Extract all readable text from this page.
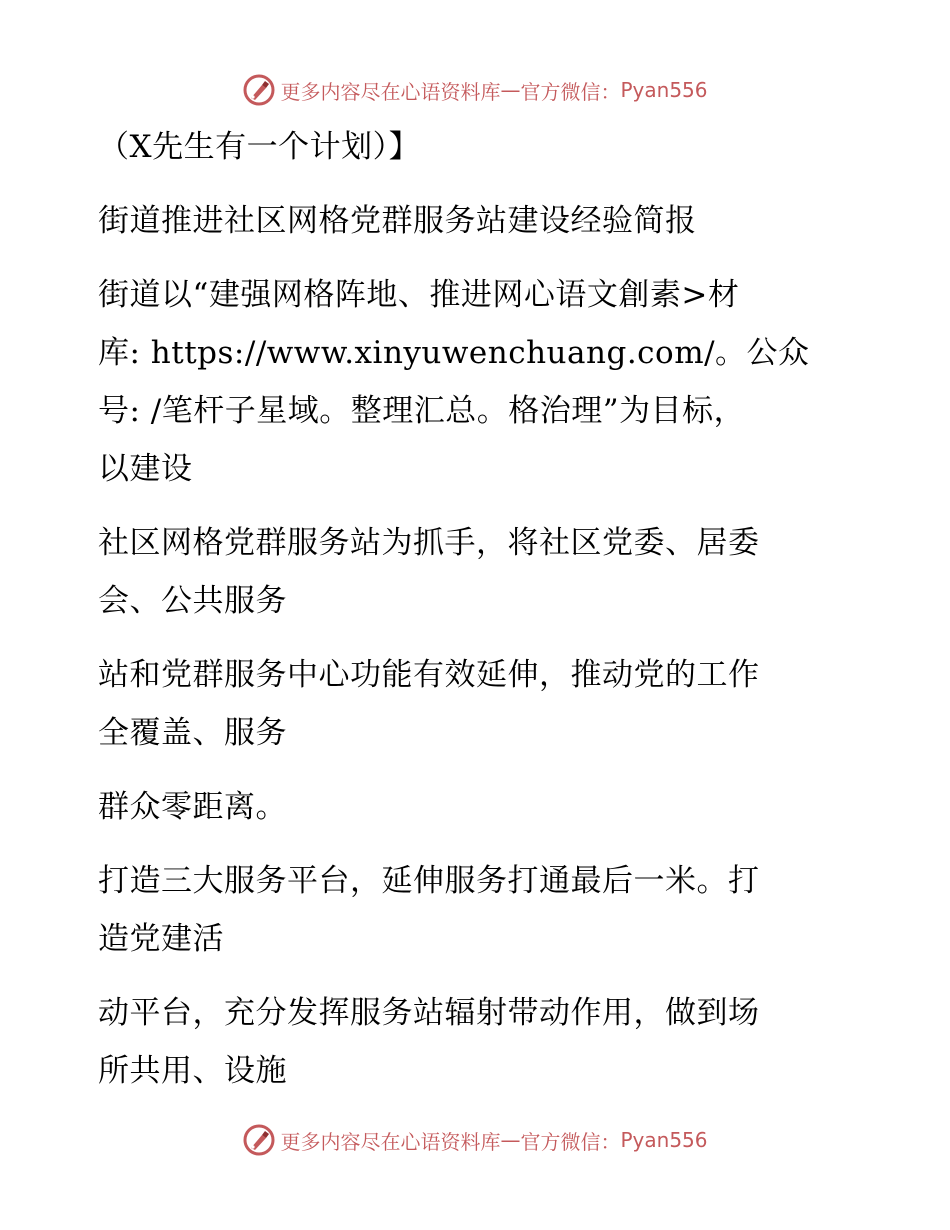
更多内容尽在心语资料库 — 官方微信： Pyan556
（X先生有一个计划）】
街道推进社区网格党群服务站建设经验简报
街道以“建强网格阵地、推进网心语文創素>材
库: https://www.xinyuwenchuang.com/。公众
号: /笔杆子星域。整理汇总。格治理”为目标，
以建设
社区网格党群服务站为抓手，将社区党委、居委
会、公共服务
站和党群服务中心功能有效延伸，推动党的工作
全覆盖、服务
群众零距离。
打造三大服务平台，延伸服务打通最后一米。打
造党建活
动平台，充分发挥服务站辐射带动作用，做到场
所共用、设施
更多内容尽在心语资料库 — 官方微信： Pyan556
